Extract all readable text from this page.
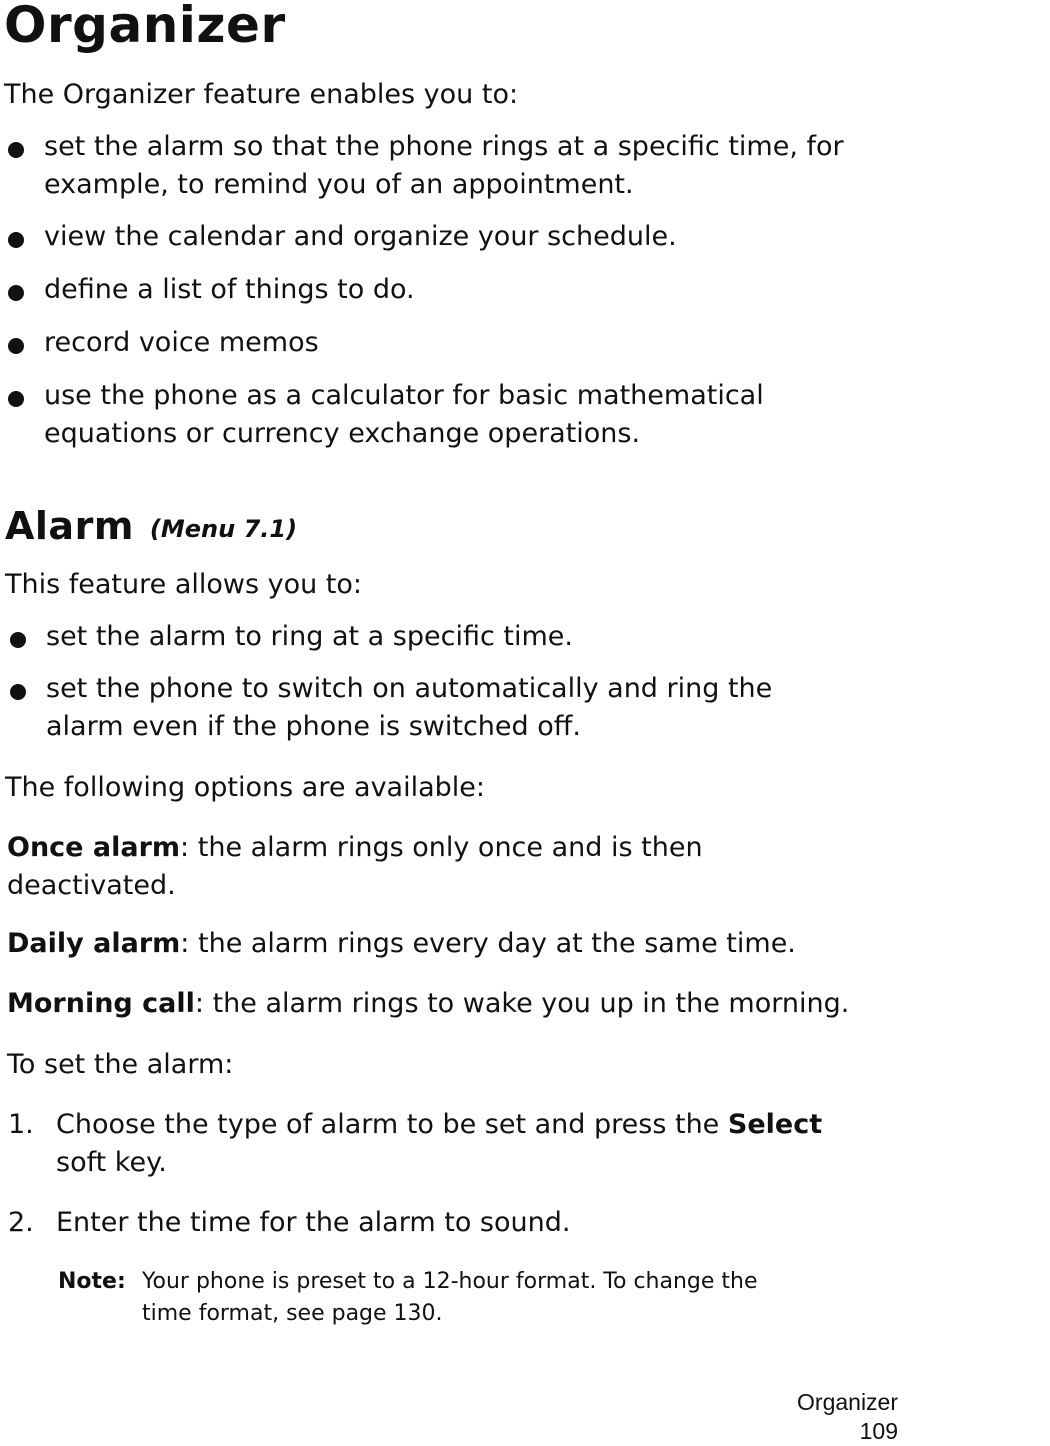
Organizer

The Organizer feature enables you to:

set the alarm so that the phone rings at a specific time, for
example, to remind you of an appointment.
view the calendar and organize your schedule.
define a list of things to do.
record voice memos
use the phone as a calculator for basic mathematical
equations or currency exchange operations.
Alarm (Menu 7.1)

This feature allows you to:

set the alarm to ring at a specific time.
set the phone to switch on automatically and ring the
alarm even if the phone is switched off.

The following options are available:

Once alarm: the alarm rings only once and is then
deactivated.
Daily alarm: the alarm rings every day at the same time.
Morning call: the alarm rings to wake you up in the morning.

To set the alarm:

1. Choose the type of alarm to be set and press the Select
soft key.
2. Enter the time for the alarm to sound.
Note: Your phone is preset to a 12-hour format. To change the
time format, see page 130.
Organizer
109
